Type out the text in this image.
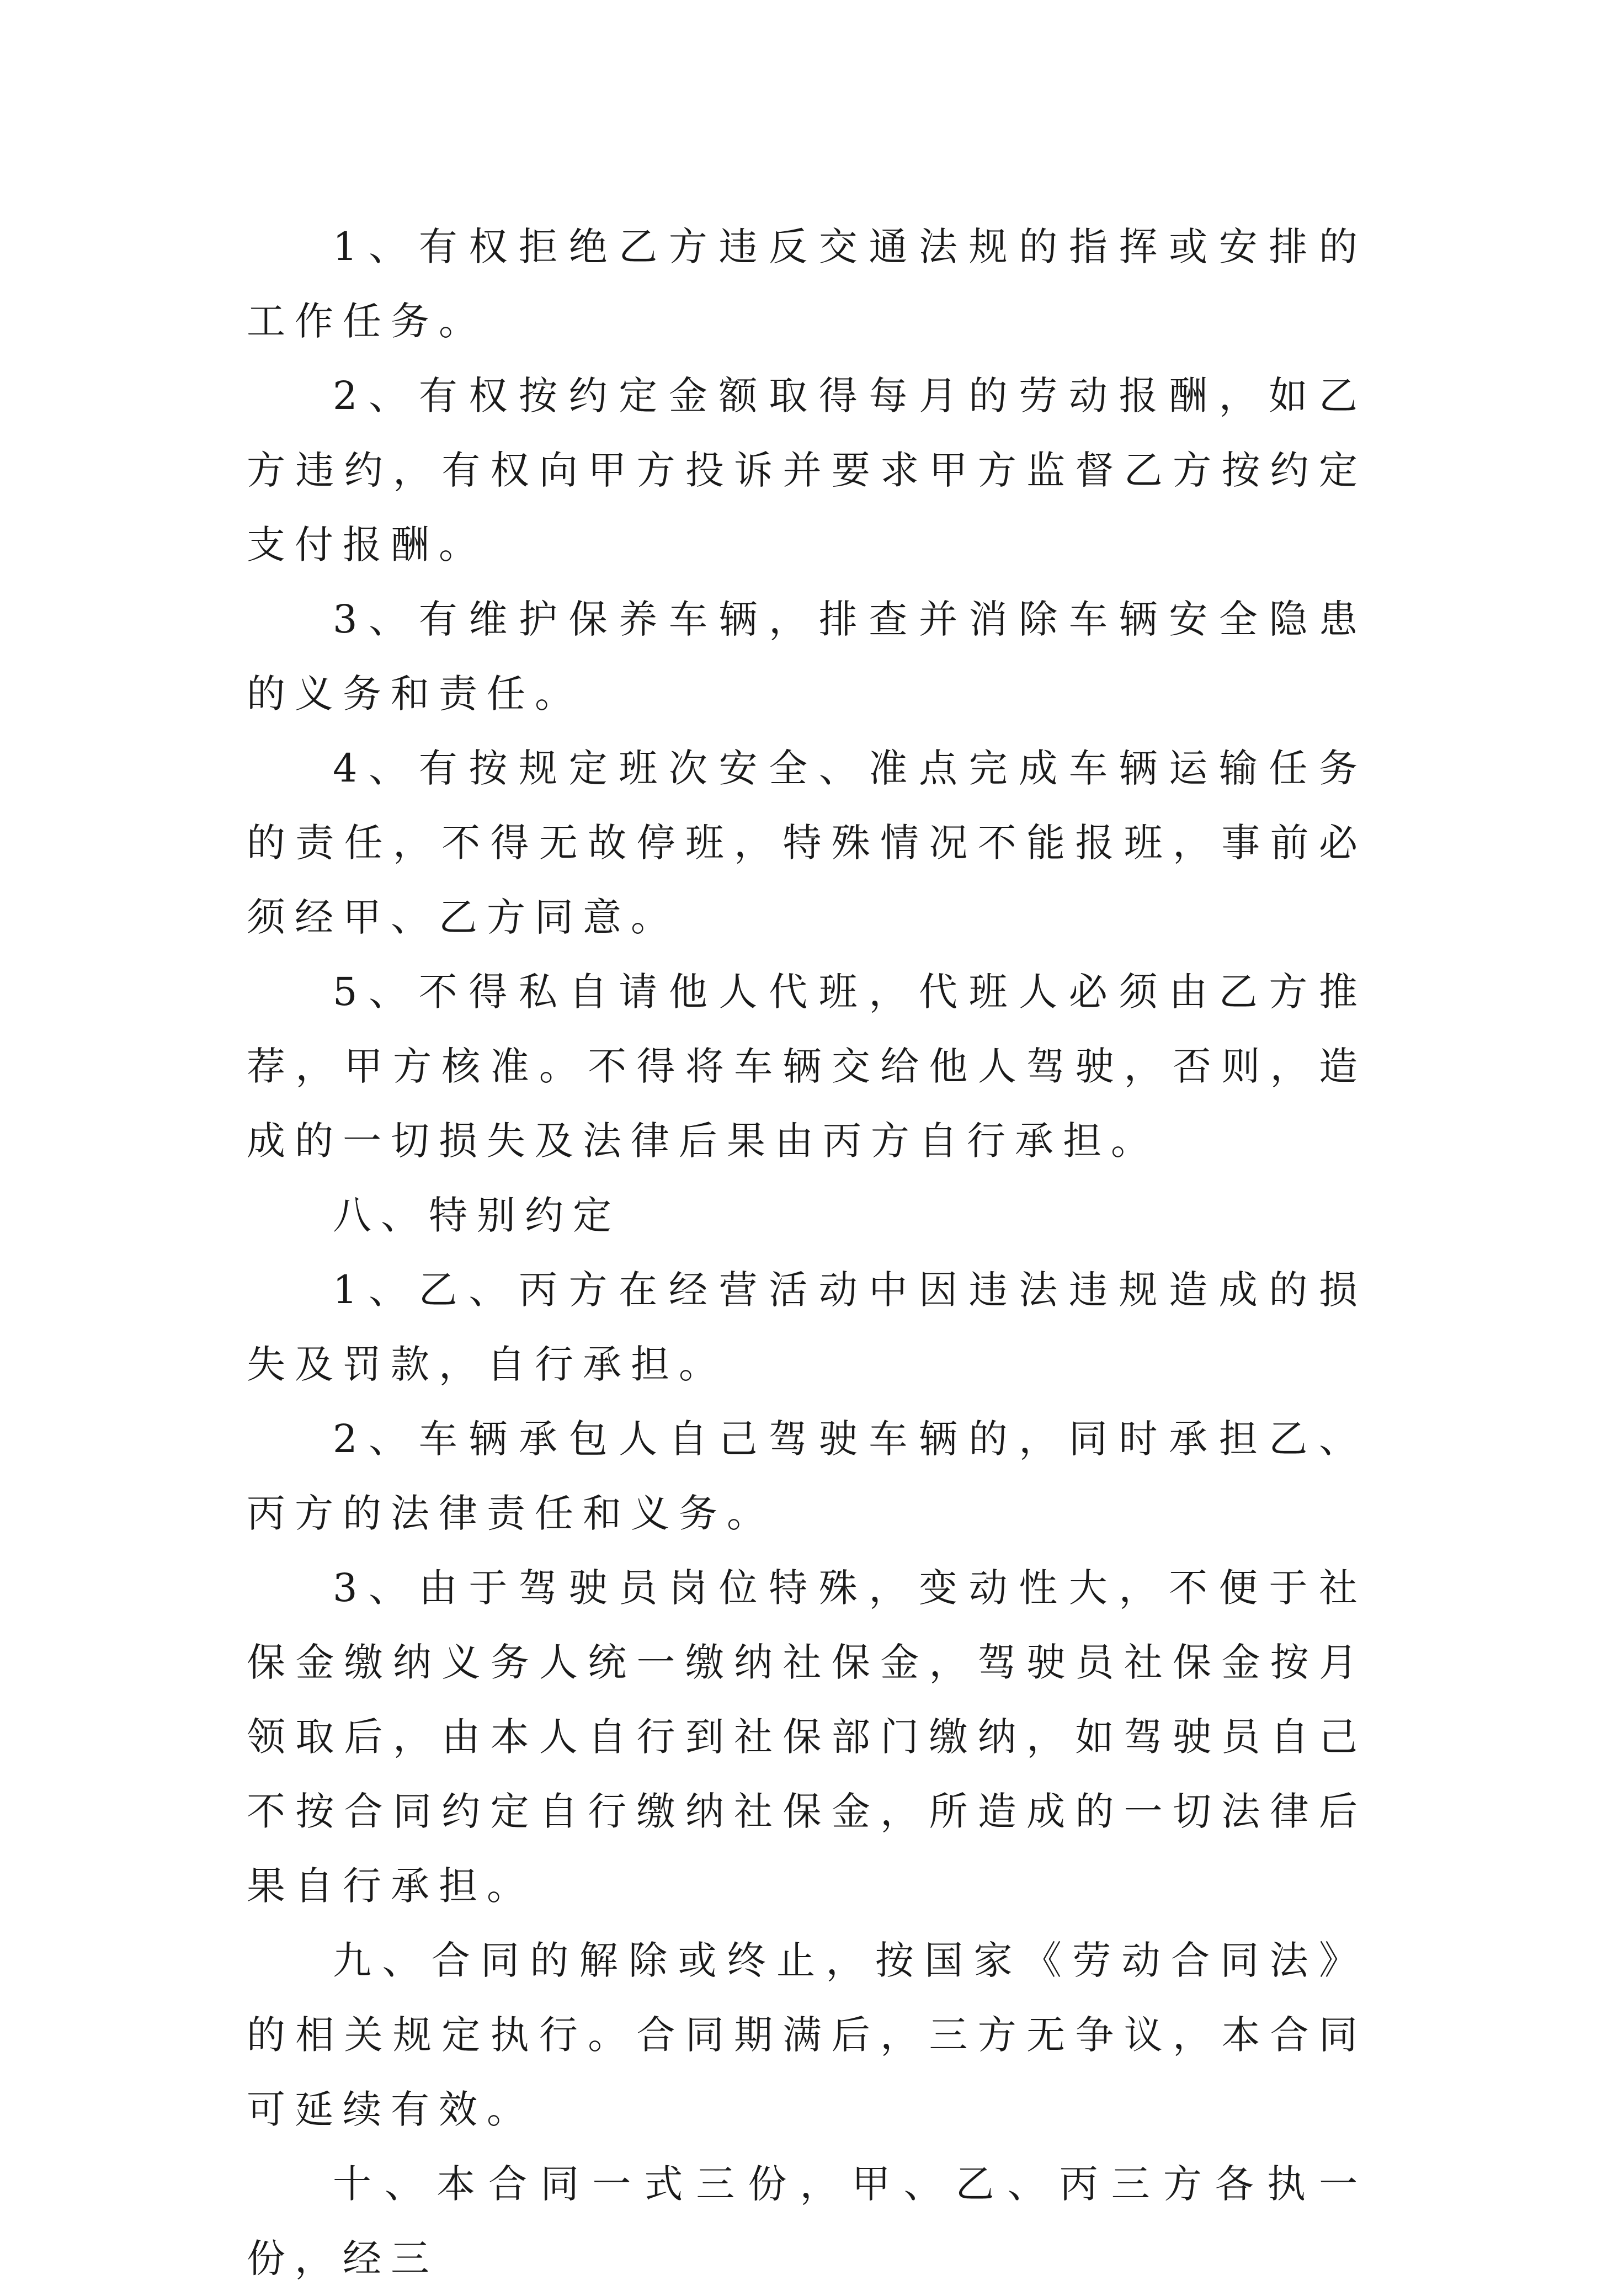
1、有权拒绝乙方违反交通法规的指挥或安排的工作任务。

2、有权按约定金额取得每月的劳动报酬，如乙方违约，有权向甲方投诉并要求甲方监督乙方按约定支付报酬。

3、有维护保养车辆，排查并消除车辆安全隐患的义务和责任。

4、有按规定班次安全、准点完成车辆运输任务的责任，不得无故停班，特殊情况不能报班，事前必须经甲、乙方同意。

5、不得私自请他人代班，代班人必须由乙方推荐，甲方核准。不得将车辆交给他人驾驶，否则，造成的一切损失及法律后果由丙方自行承担。

八、特别约定

1、乙、丙方在经营活动中因违法违规造成的损失及罚款，自行承担。

2、车辆承包人自己驾驶车辆的，同时承担乙、丙方的法律责任和义务。

3、由于驾驶员岗位特殊，变动性大，不便于社保金缴纳义务人统一缴纳社保金，驾驶员社保金按月领取后，由本人自行到社保部门缴纳，如驾驶员自己不按合同约定自行缴纳社保金，所造成的一切法律后果自行承担。

九、合同的解除或终止，按国家《劳动合同法》的相关规定执行。合同期满后，三方无争议，本合同可延续有效。

十、本合同一式三份，甲、乙、丙三方各执一份，经三
